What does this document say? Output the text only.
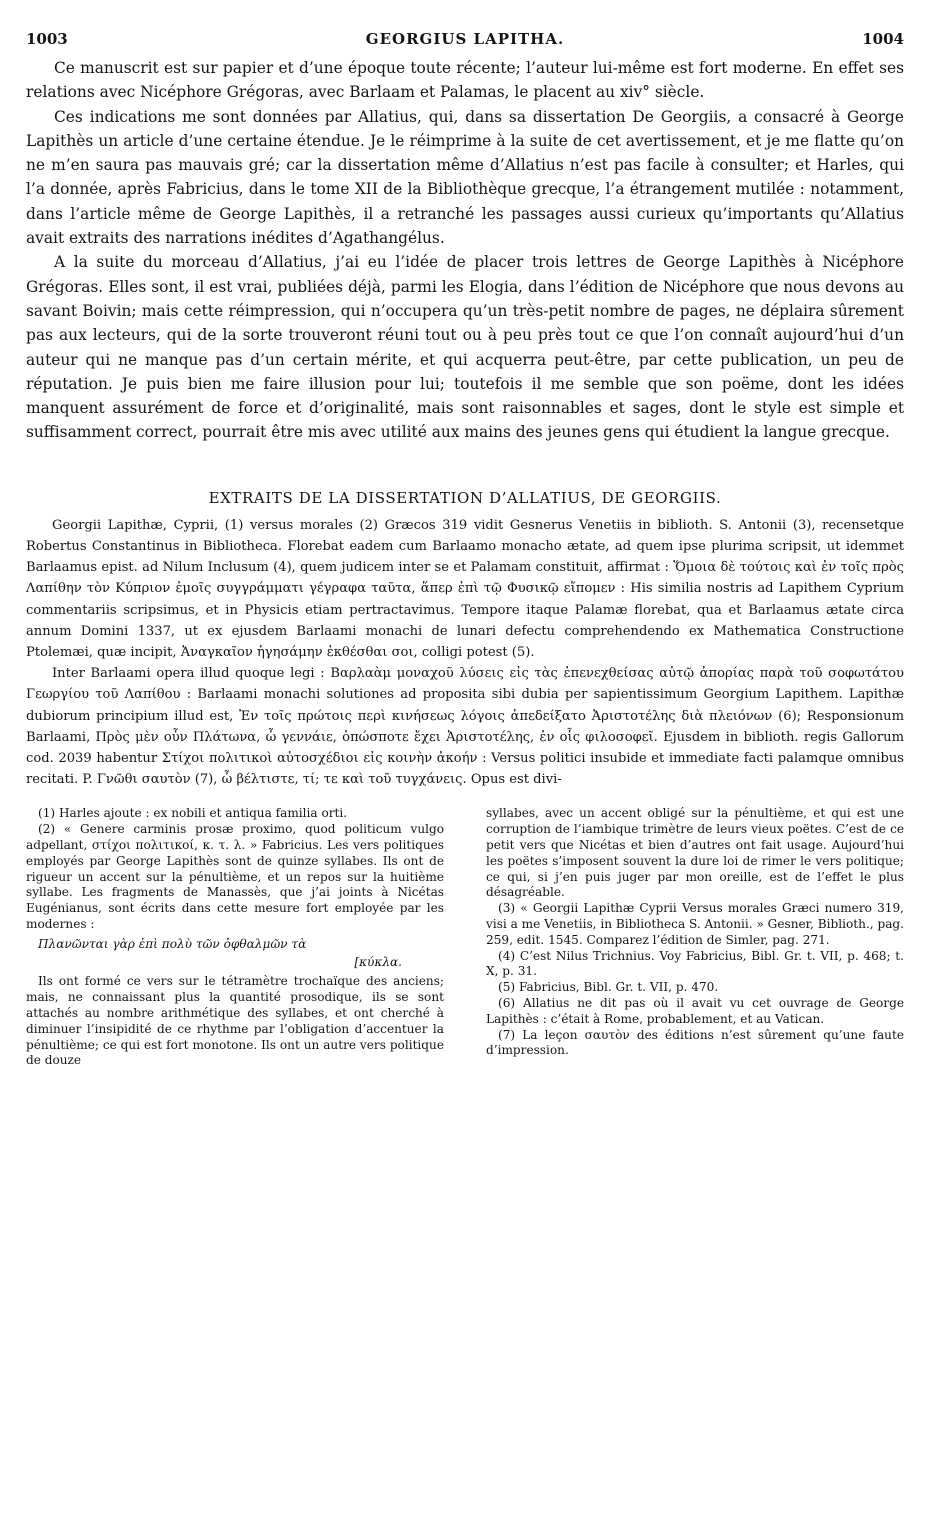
1003	GEORGIUS LAPITHA.	1004

Ce manuscrit est sur papier et d’une époque toute récente; l’auteur lui-même est fort moderne. En effet ses relations avec Nicéphore Grégoras, avec Barlaam et Palamas, le placent au xiv° siècle.

Ces indications me sont données par Allatius, qui, dans sa dissertation De Georgiis, a consacré à George Lapithès un article d’une certaine étendue. Je le réimprime à la suite de cet avertissement, et je me flatte qu’on ne m’en saura pas mauvais gré; car la dissertation même d’Allatius n’est pas facile à consulter; et Harles, qui l’a donnée, après Fabricius, dans le tome XII de la Bibliothèque grecque, l’a étrangement mutilée : notamment, dans l’article même de George Lapithès, il a retranché les passages aussi curieux qu’importants qu’Allatius avait extraits des narrations inédites d’Agathangélus.

A la suite du morceau d’Allatius, j’ai eu l’idée de placer trois lettres de George Lapithès à Nicéphore Grégoras. Elles sont, il est vrai, publiées déjà, parmi les Elogia, dans l’édition de Nicéphore que nous devons au savant Boivin; mais cette réimpression, qui n’occupera qu’un très-petit nombre de pages, ne déplaira sûrement pas aux lecteurs, qui de la sorte trouveront réuni tout ou à peu près tout ce que l’on connaît aujourd’hui d’un auteur qui ne manque pas d’un certain mérite, et qui acquerra peut-être, par cette publication, un peu de réputation. Je puis bien me faire illusion pour lui; toutefois il me semble que son poëme, dont les idées manquent assurément de force et d’originalité, mais sont raisonnables et sages, dont le style est simple et suffisamment correct, pourrait être mis avec utilité aux mains des jeunes gens qui étudient la langue grecque.

EXTRAITS DE LA DISSERTATION D’ALLATIUS, DE GEORGIIS.

Georgii Lapithæ, Cyprii, (1) versus morales (2) Græcos 319 vidit Gesnerus Venetiis in biblioth. S. Antonii (3), recensetque Robertus Constantinus in Bibliotheca. Florebat eadem cum Barlaamo monacho ætate, ad quem ipse plurima scripsit, ut idemmet Barlaamus epist. ad Nilum Inclusum (4), quem judicem inter se et Palamam constituit, affirmat : Ὅμοια δὲ τούτοις καὶ ἐν τοῖς πρὸς Λαπίθην τὸν Κύπριον ἐμοῖς συγγράμματι γέγραφα ταῦτα, ἅπερ ἐπὶ τῷ Φυσικῷ εἴπομεν : His similia nostris ad Lapithem Cyprium commentariis scripsimus, et in Physicis etiam pertractavimus. Tempore itaque Palamæ florebat, qua et Barlaamus ætate circa annum Domini 1337, ut ex ejusdem Barlaami monachi de lunari defectu comprehendendo ex Mathematica Constructione Ptolemæi, quæ incipit, Ἀναγκαῖον ἡγησάμην ἐκθέσθαι σοι, colligi potest (5).

Inter Barlaami opera illud quoque legi : Βαρλαὰμ μοναχοῦ λύσεις εἰς τὰς ἐπενεχθείσας αὐτῷ ἀπορίας παρὰ τοῦ σοφωτάτου Γεωργίου τοῦ Λαπίθου : Barlaami monachi solutiones ad proposita sibi dubia per sapientissimum Georgium Lapithem. Lapithæ dubiorum principium illud est, Ἐν τοῖς πρώτοις περὶ κινήσεως λόγοις ἀπεδείξατο Ἀριστοτέλης διὰ πλειόνων (6); Responsionum Barlaami, Πρὸς μὲν οὖν Πλάτωνα, ὦ γεννάιε, ὁπώσποτε ἔχει Ἀριστοτέλης, ἐν οἷς φιλοσοφεῖ. Ejusdem in biblioth. regis Gallorum cod. 2039 habentur Στίχοι πολιτικοὶ αὐτοσχέδιοι εἰς κοινὴν ἀκοήν : Versus politici insubide et immediate facti palamque omnibus recitati. P. Γνῶθι σαυτὸν (7), ὦ βέλτιστε, τί; τε καὶ τοῦ τυγχάνεις. Opus est divi-

(1) Harles ajoute : ex nobili et antiqua familia orti.

(2) « Genere carminis prosæ proximo, quod politicum vulgo adpellant, στίχοι πολιτικοί, κ. τ. λ. » Fabricius. Les vers politiques employés par George Lapithès sont de quinze syllabes. Ils ont de rigueur un accent sur la pénultième, et un repos sur la huitième syllabe. Les fragments de Manassès, que j’ai joints à Nicétas Eugénianus, sont écrits dans cette mesure fort employée par les modernes :

Πλανῶνται γὰρ ἐπὶ πολὺ τῶν ὀφθαλμῶν τὰ

[κύκλα.

Ils ont formé ce vers sur le tétramètre trochaïque des anciens; mais, ne connaissant plus la quantité prosodique, ils se sont attachés au nombre arithmétique des syllabes, et ont cherché à diminuer l’insipidité de ce rhythme par l’obligation d’accentuer la pénultième; ce qui est fort monotone. Ils ont un autre vers politique de douze

syllabes, avec un accent obligé sur la pénultième, et qui est une corruption de l’iambique trimètre de leurs vieux poëtes. C’est de ce petit vers que Nicétas et bien d’autres ont fait usage. Aujourd’hui les poëtes s’imposent souvent la dure loi de rimer le vers politique; ce qui, si j’en puis juger par mon oreille, est de l’effet le plus désagréable.

(3) « Georgii Lapithæ Cyprii Versus morales Græci numero 319, visi a me Venetiis, in Bibliotheca S. Antonii. » Gesner, Biblioth., pag. 259, edit. 1545. Comparez l’édition de Simler, pag. 271.

(4) C’est Nilus Trichnius. Voy Fabricius, Bibl. Gr. t. VII, p. 468; t. X, p. 31.

(5) Fabricius, Bibl. Gr. t. VII, p. 470.

(6) Allatius ne dit pas où il avait vu cet ouvrage de George Lapithès : c’était à Rome, probablement, et au Vatican.

(7) La leçon σαυτὸν des éditions n’est sûrement qu’une faute d’impression.
